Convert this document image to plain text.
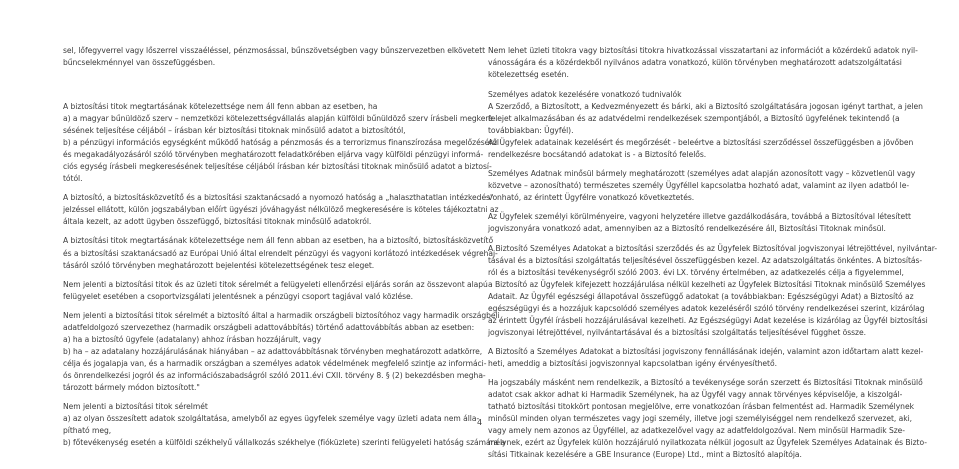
sel, lőfegyverrel vagy lőszerrel visszaéléssel, pénzmosással, bűnszövetségben vagy bűnszervezetben elkövetett
bűncselekménnyel van összefüggésben.

A biztosítási titok megtartásának kötelezettsége nem áll fenn abban az esetben, ha
a) a magyar bűnüldöző szerv – nemzetközi kötelezettségvállalás alapján külföldi bűnüldöző szerv írásbeli megkere-
sésének teljesítése céljából – írásban kér biztosítási titoknak minősülő adatot a biztosítótól,

b) a pénzügyi információs egységként működő hatóság a pénzmosás és a terrorizmus finanszírozása megelőzéséről
és megakadályozásáról szóló törvényben meghatározott feladatkörében eljárva vagy külföldi pénzügyi informá-
ciós egység írásbeli megkeresésének teljesítése céljából írásban kér biztosítási titoknak minősülő adatot a biztosí-
tótól.

A biztosító, a biztosításközvetítő és a biztosítási szaktanácsadó a nyomozó hatóság a „halaszthatatlan intézkedés"
jelzéssel ellátott, külön jogszabályban előírt ügyészi jóváhagyást nélkülöző megkeresésére is köteles tájékoztatni az
általa kezelt, az adott ügyben összefüggő, biztosítási titoknak minősülő adatokról.

A biztosítási titok megtartásának kötelezettsége nem áll fenn abban az esetben, ha a biztosító, biztosításközvetítő
és a biztosítási szaktanácsadó az Európai Unió által elrendelt pénzügyi és vagyoni korlátozó intézkedések végrehaj-
tásáról szóló törvényben meghatározott bejelentési kötelezettségének tesz eleget.

Nem jelenti a biztosítási titok és az üzleti titok sérelmét a felügyeleti ellenőrzési eljárás során az összevont alapú
felügyelet esetében a csoportvizsgálati jelentésnek a pénzügyi csoport tagjával való közlése.

Nem jelenti a biztosítási titok sérelmét a biztosító által a harmadik országbeli biztosítóhoz vagy harmadik országbeli
adatfeldolgozó szervezethez (harmadik országbeli adattovábbítás) történő adattovábbítás abban az esetben:
a) ha a biztosító ügyfele (adatalany) ahhoz írásban hozzájárult, vagy
b) ha – az adatalany hozzájárulásának hiányában – az adattovábbításnak törvényben meghatározott adatkörre,
célja és jogalapja van, és a harmadik országban a személyes adatok védelmének megfelelő szintje az informáci-
ós önrendelkezési jogról és az információszabadságról szóló 2011.évi CXII. törvény 8. § (2) bekezdésben megha-
tározott bármely módon biztosított."

Nem jelenti a biztosítási titok sérelmét
a) az olyan összesített adatok szolgáltatása, amelyből az egyes ügyfelek személye vagy üzleti adata nem álla-
pítható meg,
b) főtevékenység esetén a külföldi székhelyű vállalkozás székhelye (fióküzlete) szerinti felügyeleti hatóság számára a

Nem lehet üzleti titokra vagy biztosítási titokra hivatkozással visszatartani az információt a közérdekű adatok nyil-
vánosságára és a közérdekből nyilvános adatra vonatkozó, külön törvényben meghatározott adatszolgáltatási
kötelezettség esetén.

Személyes adatok kezelésére vonatkozó tudnivalók
A Szerződő, a Biztosított, a Kedvezményezett és bárki, aki a Biztosító szolgáltatására jogosan igényt tarthat, a jelen
felejet alkalmazásában és az adatvédelmi rendelkezések szempontjából, a Biztosító ügyfelének tekintendő (a
továbbiakban: Ügyfél).
Az Ügyfelek adatainak kezelésért és megőrzését - beleértve a biztosítási szerződéssel összefüggésben a jövőben
rendelkezésre bocsátandó adatokat is - a Biztosító felelős.

Személyes Adatnak minősül bármely meghatározott (személyes adat alapján azonosított vagy – közvetlenül vagy
közvetve – azonosítható) természetes személy Ügyféllel kapcsolatba hozható adat, valamint az ilyen adatból le-
vonható, az érintett Ügyfélre vonatkozó következtetés.

Az Ügyfelek személyi körülményeire, vagyoni helyzetére illetve gazdálkodására, továbbá a Biztosítóval létesített
jogviszonyára vonatkozó adat, amennyiben az a Biztosító rendelkezésére áll, Biztosítási Titoknak minősül.

A Biztosító Személyes Adatokat a biztosítási szerződés és az Ügyfelek Biztosítóval jogviszonyai létrejöttével, nyilvántar-
tásával és a biztosítási szolgáltatás teljesítésével összefüggésben kezel. Az adatszolgáltatás önkéntes. A biztosítás-
ról és a biztosítási tevékenységről szóló 2003. évi LX. törvény értelmében, az adatkezelés célja a figyelemmel,
a Biztosító az Ügyfelek kifejezett hozzájárulása nélkül kezelheti az Ügyfelek Biztosítási Titoknak minősülő Személyes
Adatait. Az Ügyfél egészségi állapotával összefüggő adatokat (a továbbiakban: Egészségügyi Adat) a Biztosító az
egészségügyi és a hozzájuk kapcsolódó személyes adatok kezeléséről szóló törvény rendelkezései szerint, kizárólag
az érintett Ügyfél írásbeli hozzájárulásával kezelheti. Az Egészségügyi Adat kezelése is kizárólag az Ügyfél biztosítási
jogviszonyai létrejöttével, nyilvántartásával és a biztosítási szolgáltatás teljesítésével függhet össze.

A Biztosító a Személyes Adatokat a biztosítási jogviszony fennállásának idején, valamint azon időtartam alatt kezel-
heti, ameddig a biztosítási jogviszonnyal kapcsolatban igény érvényesíthető.

Ha jogszabály másként nem rendelkezik, a Biztosító a tevékenysége során szerzett és Biztosítási Titoknak minősülő
adatot csak akkor adhat ki Harmadik Személynek, ha az Ügyfél vagy annak törvényes képviselője, a kiszolgál-
tatható biztosítási titokkört pontosan megjelölve, erre vonatkozóan írásban felmentést ad. Harmadik Személynek
minősül minden olyan természetes vagy jogi személy, illetve jogi személyiséggel nem rendelkező szervezet, aki,
vagy amely nem azonos az Ügyféllel, az adatkezelővel vagy az adatfeldolgozóval. Nem minősül Harmadik Sze-
mélynek, ezért az Ügyfelek külön hozzájáruló nyilatkozata nélkül jogosult az Ügyfelek Személyes Adatainak és Bizto-
sítási Titkainak kezelésére a GBE Insurance (Europe) Ltd., mint a Biztosító alapítója.

4
